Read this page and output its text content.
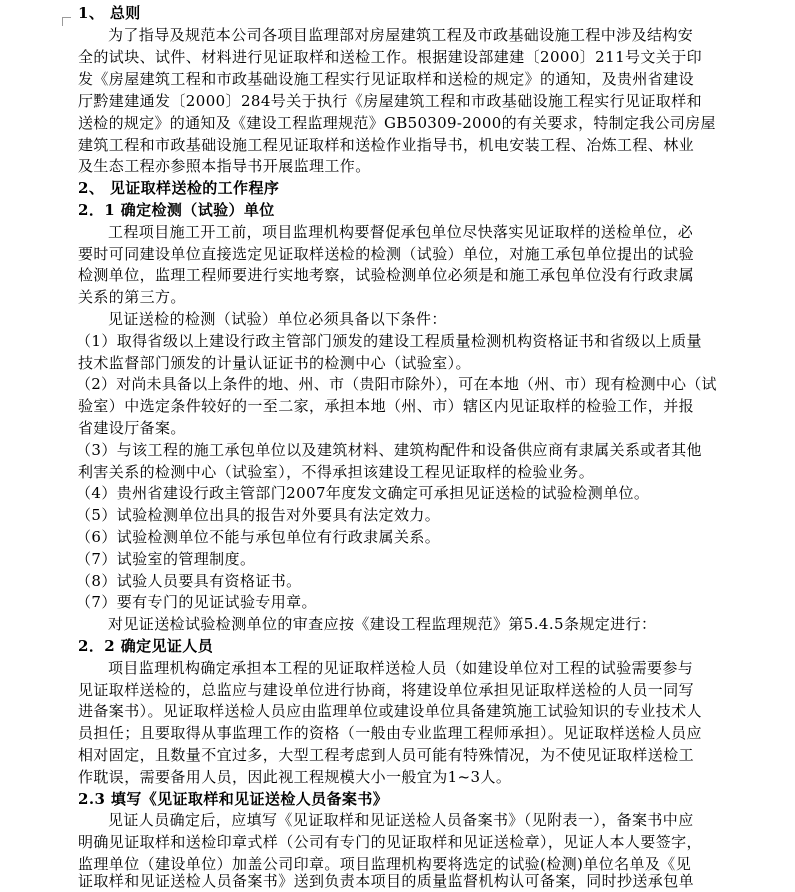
1、 总则
为了指导及规范本公司各项目监理部对房屋建筑工程及市政基础设施工程中涉及结构安
全的试块、试件、材料进行见证取样和送检工作。根据建设部建建〔2000〕211号文关于印
发《房屋建筑工程和市政基础设施工程实行见证取样和送检的规定》的通知，及贵州省建设
厅黔建建通发〔2000〕284号关于执行《房屋建筑工程和市政基础设施工程实行见证取样和
送检的规定》的通知及《建设工程监理规范》GB50309-2000的有关要求，特制定我公司房屋
建筑工程和市政基础设施工程见证取样和送检作业指导书，机电安装工程、冶炼工程、林业
及生态工程亦参照本指导书开展监理工作。
2、 见证取样送检的工作程序
2．1 确定检测（试验）单位
工程项目施工开工前，项目监理机构要督促承包单位尽快落实见证取样的送检单位，必
要时可同建设单位直接选定见证取样送检的检测（试验）单位，对施工承包单位提出的试验
检测单位，监理工程师要进行实地考察，试验检测单位必须是和施工承包单位没有行政隶属
关系的第三方。
见证送检的检测（试验）单位必须具备以下条件：
（1）取得省级以上建设行政主管部门颁发的建设工程质量检测机构资格证书和省级以上质量
技术监督部门颁发的计量认证证书的检测中心（试验室）。
（2）对尚未具备以上条件的地、州、市（贵阳市除外），可在本地（州、市）现有检测中心（试
验室）中选定条件较好的一至二家，承担本地（州、市）辖区内见证取样的检验工作，并报
省建设厅备案。
（3）与该工程的施工承包单位以及建筑材料、建筑构配件和设备供应商有隶属关系或者其他
利害关系的检测中心（试验室），不得承担该建设工程见证取样的检验业务。
（4）贵州省建设行政主管部门2007年度发文确定可承担见证送检的试验检测单位。
（5）试验检测单位出具的报告对外要具有法定效力。
（6）试验检测单位不能与承包单位有行政隶属关系。
（7）试验室的管理制度。
（8）试验人员要具有资格证书。
（7）要有专门的见证试验专用章。
对见证送检试验检测单位的审查应按《建设工程监理规范》第5.4.5条规定进行：
2．2 确定见证人员
项目监理机构确定承担本工程的见证取样送检人员（如建设单位对工程的试验需要参与
见证取样送检的，总监应与建设单位进行协商，将建设单位承担见证取样送检的人员一同写
进备案书）。见证取样送检人员应由监理单位或建设单位具备建筑施工试验知识的专业技术人
员担任；且要取得从事监理工作的资格（一般由专业监理工程师承担）。见证取样送检人员应
相对固定，且数量不宜过多，大型工程考虑到人员可能有特殊情况，为不使见证取样送检工
作耽误，需要备用人员，因此视工程规模大小一般宜为1~3人。
2.3 填写《见证取样和见证送检人员备案书》
见证人员确定后，应填写《见证取样和见证送检人员备案书》（见附表一），备案书中应
明确见证取样和送检印章式样（公司有专门的见证取样和见证送检章），见证人本人要签字，
监理单位（建设单位）加盖公司印章。项目监理机构要将选定的试验(检测)单位名单及《见
证取样和见证送检人员备案书》送到负责本项目的质量监督机构认可备案，同时抄送承包单
